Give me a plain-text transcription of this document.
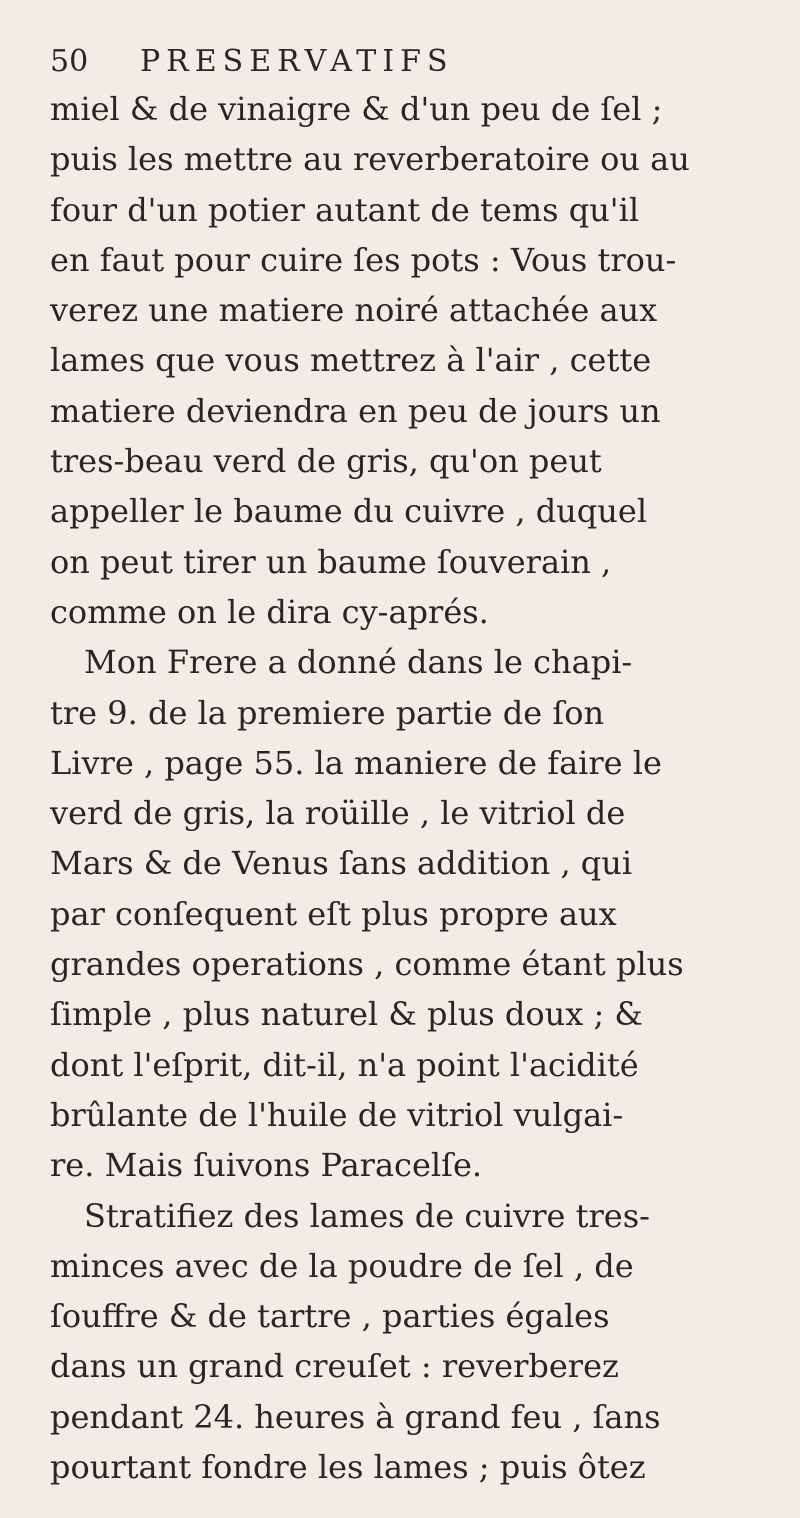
50 PRESERVATIFS
miel & de vinaigre & d'un peu de ſel ;
puis les mettre au reverberatoire ou au
four d'un potier autant de tems qu'il
en faut pour cuire ſes pots : Vous trou-
verez une matiere noiré attachée aux
lames que vous mettrez à l'air , cette
matiere deviendra en peu de jours un
tres-beau verd de gris, qu'on peut
appeller le baume du cuivre , duquel
on peut tirer un baume ſouverain ,
comme on le dira cy-aprés.
Mon Frere a donné dans le chapi-
tre 9. de la premiere partie de ſon
Livre , page 55. la maniere de faire le
verd de gris, la roüille , le vitriol de
Mars & de Venus ſans addition , qui
par conſequent eſt plus propre aux
grandes operations , comme étant plus
ſimple , plus naturel & plus doux ; &
dont l'eſprit, dit-il, n'a point l'acidité
brûlante de l'huile de vitriol vulgai-
re. Mais ſuivons Paracelſe.
Stratifiez des lames de cuivre tres-
minces avec de la poudre de ſel , de
ſouffre & de tartre , parties égales
dans un grand creuſet : reverberez
pendant 24. heures à grand feu , ſans
pourtant fondre les lames ; puis ôtez
